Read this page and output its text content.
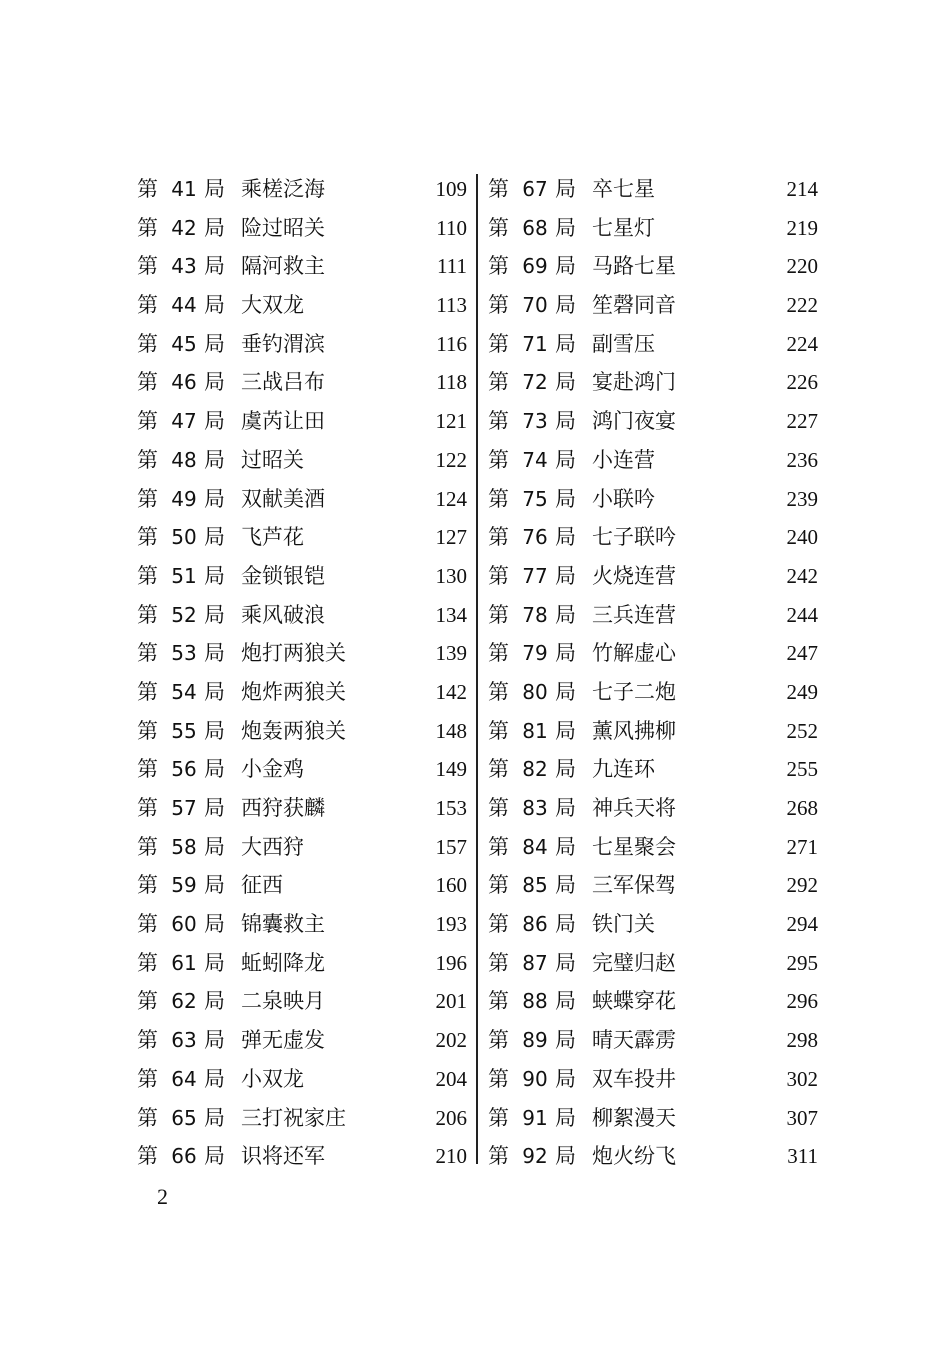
第 41 局 乘槎泛海	109
第 42 局 险过昭关	110
第 43 局 隔河救主	111
第 44 局 大双龙	113
第 45 局 垂钓渭滨	116
第 46 局 三战吕布	118
第 47 局 虞芮让田	121
第 48 局 过昭关	122
第 49 局 双献美酒	124
第 50 局 飞芦花	127
第 51 局 金锁银铠	130
第 52 局 乘风破浪	134
第 53 局 炮打两狼关	139
第 54 局 炮炸两狼关	142
第 55 局 炮轰两狼关	148
第 56 局 小金鸡	149
第 57 局 西狩获麟	153
第 58 局 大西狩	157
第 59 局 征西	160
第 60 局 锦囊救主	193
第 61 局 蚯蚓降龙	196
第 62 局 二泉映月	201
第 63 局 弹无虚发	202
第 64 局 小双龙	204
第 65 局 三打祝家庄	206
第 66 局 识将还军	210
第 67 局 卒七星	214
第 68 局 七星灯	219
第 69 局 马路七星	220
第 70 局 笙磬同音	222
第 71 局 副雪压	224
第 72 局 宴赴鸿门	226
第 73 局 鸿门夜宴	227
第 74 局 小连营	236
第 75 局 小联吟	239
第 76 局 七子联吟	240
第 77 局 火烧连营	242
第 78 局 三兵连营	244
第 79 局 竹解虚心	247
第 80 局 七子二炮	249
第 81 局 薰风拂柳	252
第 82 局 九连环	255
第 83 局 神兵天将	268
第 84 局 七星聚会	271
第 85 局 三军保驾	292
第 86 局 铁门关	294
第 87 局 完璧归赵	295
第 88 局 蛱蝶穿花	296
第 89 局 晴天霹雳	298
第 90 局 双车投井	302
第 91 局 柳絮漫天	307
第 92 局 炮火纷飞	311
2
